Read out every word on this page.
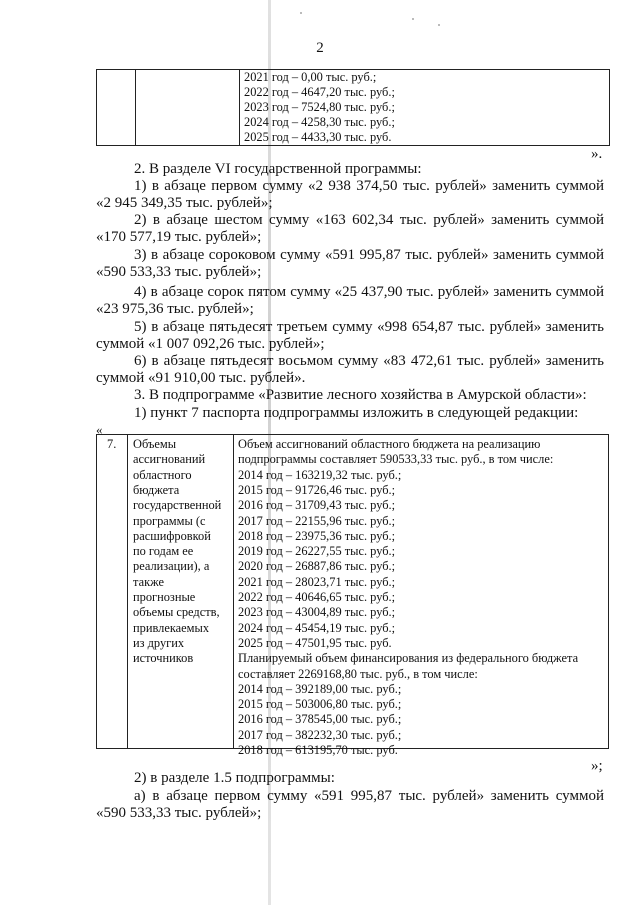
2
2021 год – 0,00 тыс. руб.;
2022 год – 4647,20 тыс. руб.;
2023 год – 7524,80 тыс. руб.;
2024 год – 4258,30 тыс. руб.;
2025 год – 4433,30 тыс. руб.
».
2. В разделе VI государственной программы:
1) в абзаце первом сумму «2 938 374,50 тыс. рублей» заменить суммой
«2 945 349,35 тыс. рублей»;
2) в абзаце шестом сумму «163 602,34 тыс. рублей» заменить суммой
«170 577,19 тыс. рублей»;
3) в абзаце сороковом сумму «591 995,87 тыс. рублей» заменить суммой
«590 533,33 тыс. рублей»;
4) в абзаце сорок пятом сумму «25 437,90 тыс. рублей» заменить суммой
«23 975,36 тыс. рублей»;
5) в абзаце пятьдесят третьем сумму «998 654,87 тыс. рублей» заменить
суммой «1 007 092,26 тыс. рублей»;
6) в абзаце пятьдесят восьмом сумму «83 472,61 тыс. рублей» заменить
суммой «91 910,00 тыс. рублей».
3. В подпрограмме «Развитие лесного хозяйства в Амурской области»:
1) пункт 7 паспорта подпрограммы изложить в следующей редакции:
«
7. Объемы
ассигнований
областного
бюджета
государственной
программы (с
расшифровкой
по годам ее
реализации), а
также
прогнозные
объемы средств,
привлекаемых
из других
источников
Объем ассигнований областного бюджета на реализацию
подпрограммы составляет 590533,33 тыс. руб., в том числе:
2014 год – 163219,32 тыс. руб.;
2015 год – 91726,46 тыс. руб.;
2016 год – 31709,43 тыс. руб.;
2017 год – 22155,96 тыс. руб.;
2018 год – 23975,36 тыс. руб.;
2019 год – 26227,55 тыс. руб.;
2020 год – 26887,86 тыс. руб.;
2021 год – 28023,71 тыс. руб.;
2022 год – 40646,65 тыс. руб.;
2023 год – 43004,89 тыс. руб.;
2024 год – 45454,19 тыс. руб.;
2025 год – 47501,95 тыс. руб.
Планируемый объем финансирования из федерального бюджета
составляет 2269168,80 тыс. руб., в том числе:
2014 год – 392189,00 тыс. руб.;
2015 год – 503006,80 тыс. руб.;
2016 год – 378545,00 тыс. руб.;
2017 год – 382232,30 тыс. руб.;
2018 год – 613195,70 тыс. руб.
»;
2) в разделе 1.5 подпрограммы:
а) в абзаце первом сумму «591 995,87 тыс. рублей» заменить суммой
«590 533,33 тыс. рублей»;
